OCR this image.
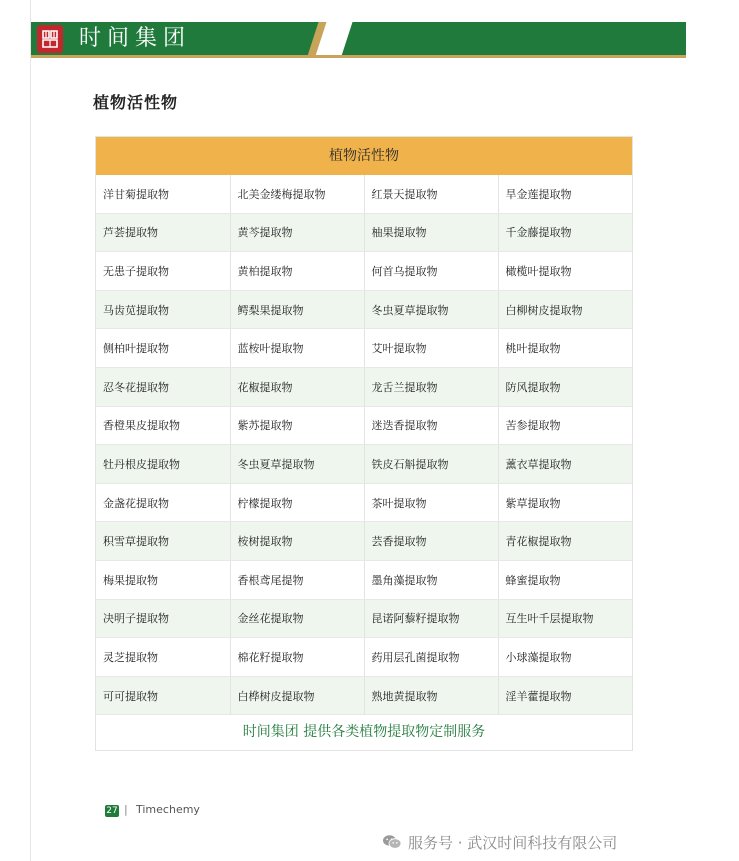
时间集团
植物活性物
植物活性物
洋甘菊提取物	北美金缕梅提取物	红景天提取物	旱金莲提取物
芦荟提取物	黄芩提取物	柚果提取物	千金藤提取物
无患子提取物	黄柏提取物	何首乌提取物	橄榄叶提取物
马齿苋提取物	鳄梨果提取物	冬虫夏草提取物	白柳树皮提取物
侧柏叶提取物	蓝桉叶提取物	艾叶提取物	桃叶提取物
忍冬花提取物	花椒提取物	龙舌兰提取物	防风提取物
香橙果皮提取物	紫苏提取物	迷迭香提取物	苦参提取物
牡丹根皮提取物	冬虫夏草提取物	铁皮石斛提取物	薰衣草提取物
金盏花提取物	柠檬提取物	茶叶提取物	紫草提取物
积雪草提取物	桉树提取物	芸香提取物	青花椒提取物
梅果提取物	香根鸢尾提物	墨角藻提取物	蜂蜜提取物
决明子提取物	金丝花提取物	昆诺阿藜籽提取物	互生叶千层提取物
灵芝提取物	棉花籽提取物	药用层孔菌提取物	小球藻提取物
可可提取物	白桦树皮提取物	熟地黄提取物	淫羊藿提取物
时间集团 提供各类植物提取物定制服务
27 | Timechemy
服务号 · 武汉时间科技有限公司
